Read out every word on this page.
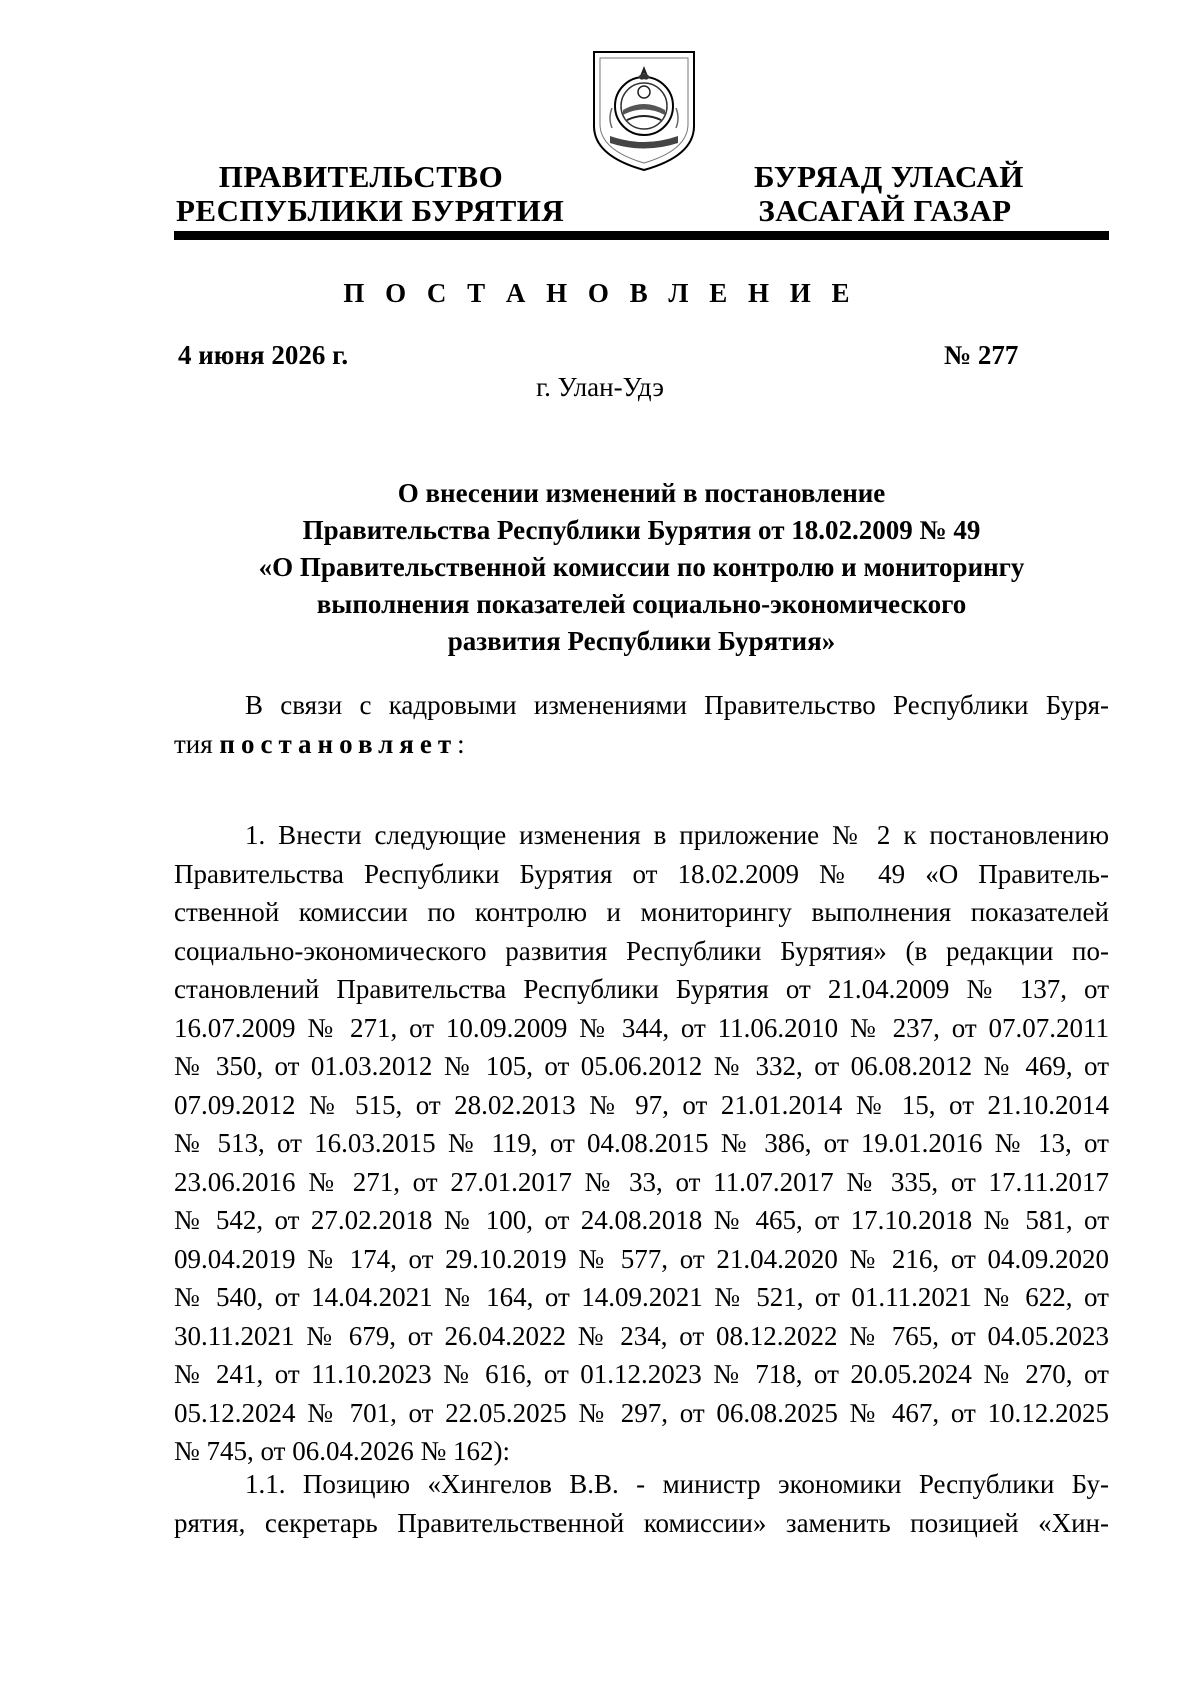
ПРАВИТЕЛЬСТВО
РЕСПУБЛИКИ БУРЯТИЯ
БУРЯАД УЛАСАЙ
ЗАСАГАЙ ГАЗАР
П О С Т А Н О В Л Е Н И Е
4 июня 2026 г.	№ 277
г. Улан-Удэ
О внесении изменений в постановление
Правительства Республики Бурятия от 18.02.2009 № 49
«О Правительственной комиссии по контролю и мониторингу
выполнения показателей социально-экономического
развития Республики Бурятия»
В связи с кадровыми изменениями Правительство Республики Буря-
тия постановляет:
1. Внести следующие изменения в приложение № 2 к постановлению
Правительства Республики Бурятия от 18.02.2009 № 49 «О Правитель-
ственной комиссии по контролю и мониторингу выполнения показателей
социально-экономического развития Республики Бурятия» (в редакции по-
становлений Правительства Республики Бурятия от 21.04.2009 № 137, от
16.07.2009 № 271, от 10.09.2009 № 344, от 11.06.2010 № 237, от 07.07.2011
№ 350, от 01.03.2012 № 105, от 05.06.2012 № 332, от 06.08.2012 № 469, от
07.09.2012 № 515, от 28.02.2013 № 97, от 21.01.2014 № 15, от 21.10.2014
№ 513, от 16.03.2015 № 119, от 04.08.2015 № 386, от 19.01.2016 № 13, от
23.06.2016 № 271, от 27.01.2017 № 33, от 11.07.2017 № 335, от 17.11.2017
№ 542, от 27.02.2018 № 100, от 24.08.2018 № 465, от 17.10.2018 № 581, от
09.04.2019 № 174, от 29.10.2019 № 577, от 21.04.2020 № 216, от 04.09.2020
№ 540, от 14.04.2021 № 164, от 14.09.2021 № 521, от 01.11.2021 № 622, от
30.11.2021 № 679, от 26.04.2022 № 234, от 08.12.2022 № 765, от 04.05.2023
№ 241, от 11.10.2023 № 616, от 01.12.2023 № 718, от 20.05.2024 № 270, от
05.12.2024 № 701, от 22.05.2025 № 297, от 06.08.2025 № 467, от 10.12.2025
№ 745, от 06.04.2026 № 162):
1.1. Позицию «Хингелов В.В. - министр экономики Республики Бу-
рятия, секретарь Правительственной комиссии» заменить позицией «Хин-
